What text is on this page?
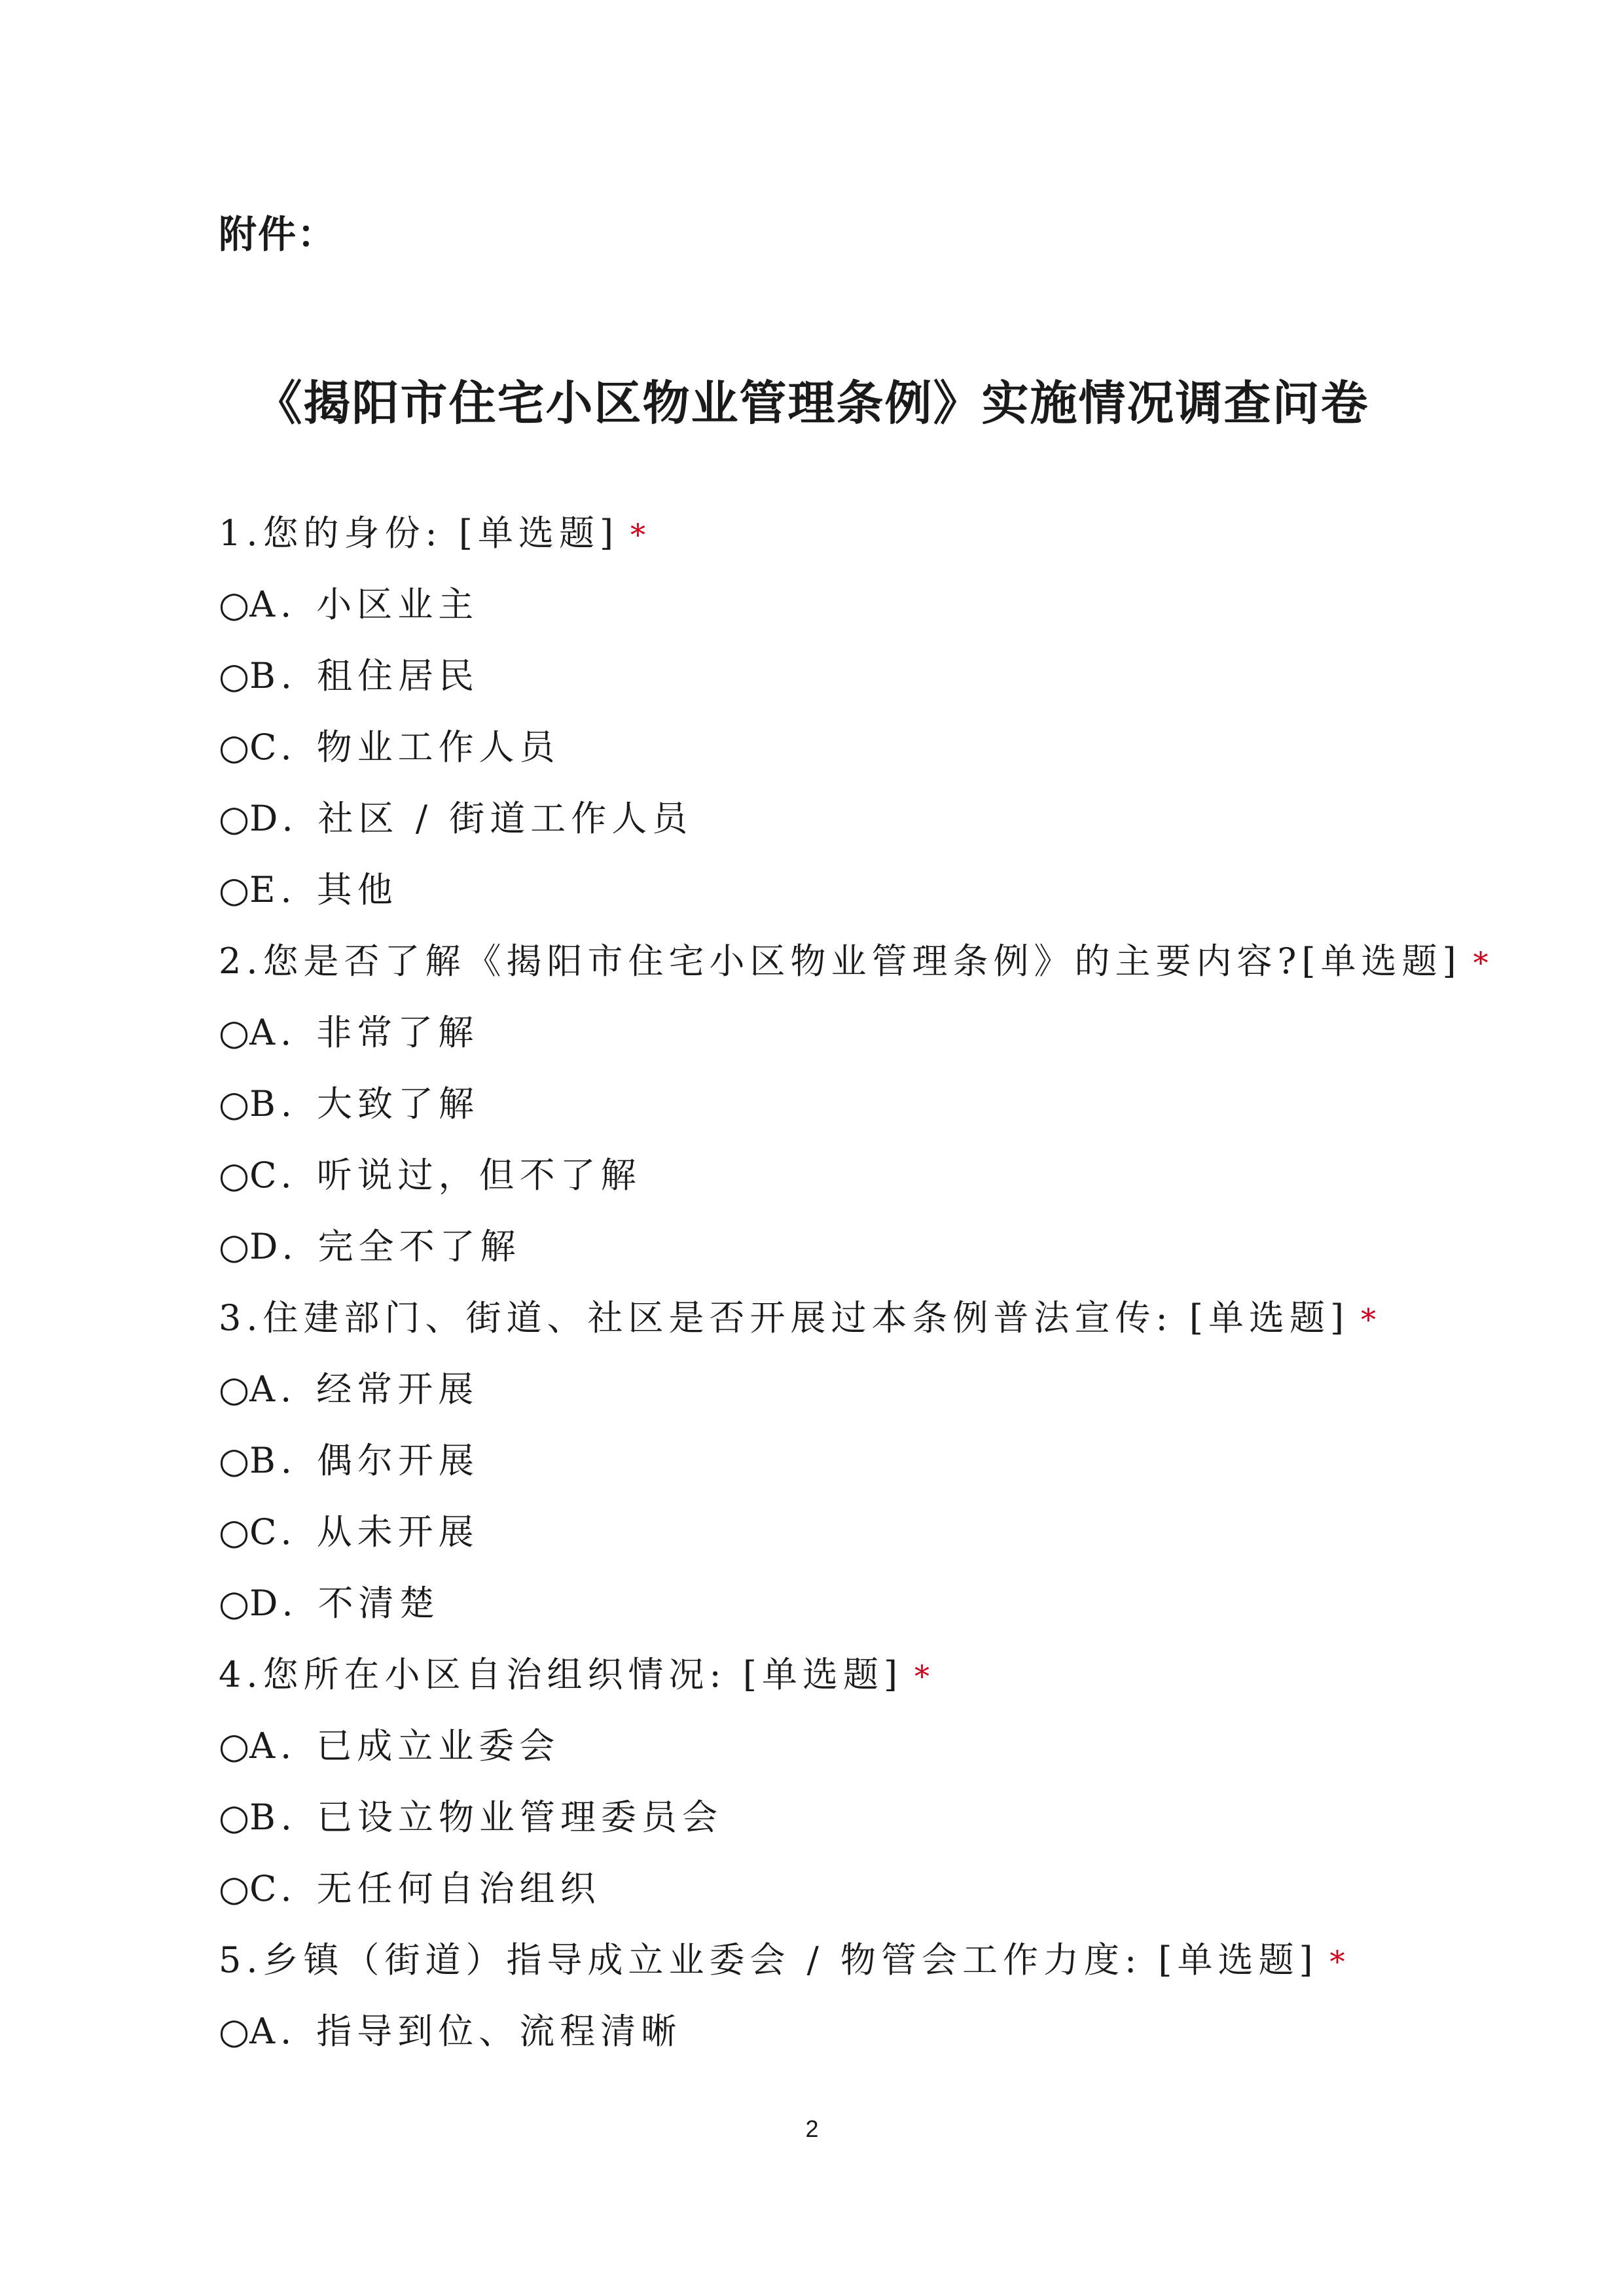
附件：
《揭阳市住宅小区物业管理条例》实施情况调查问卷
1.您的身份: [单选题] *
○A. 小区业主
○B. 租住居民
○C. 物业工作人员
○D. 社区 / 街道工作人员
○E. 其他
2.您是否了解《揭阳市住宅小区物业管理条例》的主要内容?[单选题] *
○A. 非常了解
○B. 大致了解
○C. 听说过，但不了解
○D. 完全不了解
3.住建部门、街道、社区是否开展过本条例普法宣传: [单选题] *
○A. 经常开展
○B. 偶尔开展
○C. 从未开展
○D. 不清楚
4.您所在小区自治组织情况: [单选题] *
○A. 已成立业委会
○B. 已设立物业管理委员会
○C. 无任何自治组织
5.乡镇（街道）指导成立业委会 / 物管会工作力度: [单选题] *
○A. 指导到位、流程清晰
2
